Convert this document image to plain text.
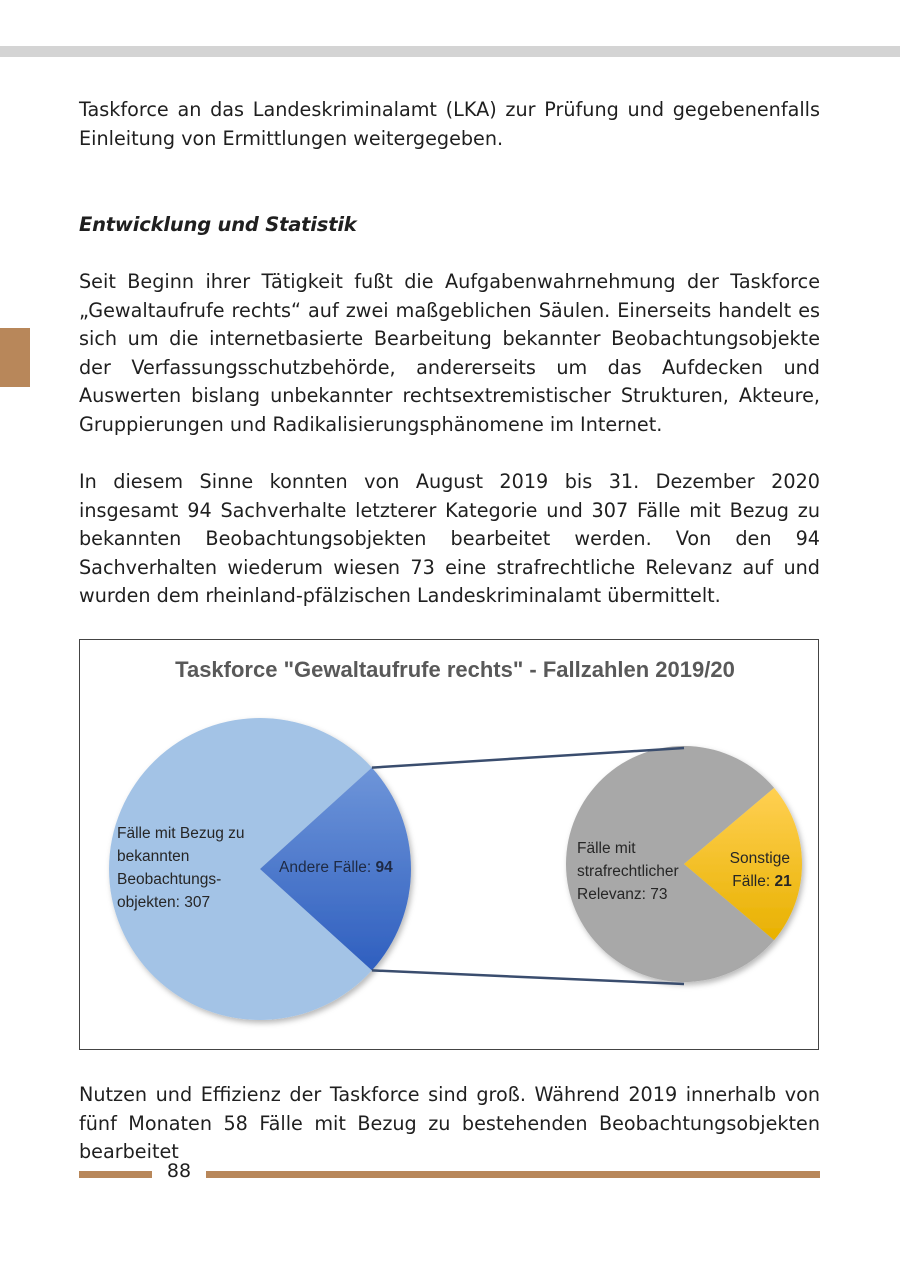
Taskforce an das Landeskriminalamt (LKA) zur Prüfung und gegebenenfalls Einleitung von Ermittlungen weitergegeben.

Entwicklung und Statistik

Seit Beginn ihrer Tätigkeit fußt die Aufgabenwahrnehmung der Taskforce „Gewaltaufrufe rechts“ auf zwei maßgeblichen Säulen. Einerseits handelt es sich um die internetbasierte Bearbeitung bekannter Beobachtungsobjekte der Verfassungsschutzbehörde, andererseits um das Aufdecken und Auswerten bislang unbekannter rechtsextremistischer Strukturen, Akteure, Gruppierungen und Radikalisierungsphänomene im Internet.

In diesem Sinne konnten von August 2019 bis 31. Dezember 2020 insgesamt 94 Sachverhalte letzterer Kategorie und 307 Fälle mit Bezug zu bekannten Beobachtungsobjekten bearbeitet werden. Von den 94 Sachverhalten wiederum wiesen 73 eine strafrechtliche Relevanz auf und wurden dem rheinland-pfälzischen Landeskriminalamt übermittelt.

Taskforce "Gewaltaufrufe rechts" - Fallzahlen 2019/20
Fälle mit Bezug zu bekannten Beobachtungs- objekten: 307
Andere Fälle: 94
Fälle mit strafrechtlicher Relevanz: 73
Sonstige Fälle: 21

Nutzen und Effizienz der Taskforce sind groß. Während 2019 innerhalb von fünf Monaten 58 Fälle mit Bezug zu bestehenden Beobachtungsobjekten bearbeitet

88
